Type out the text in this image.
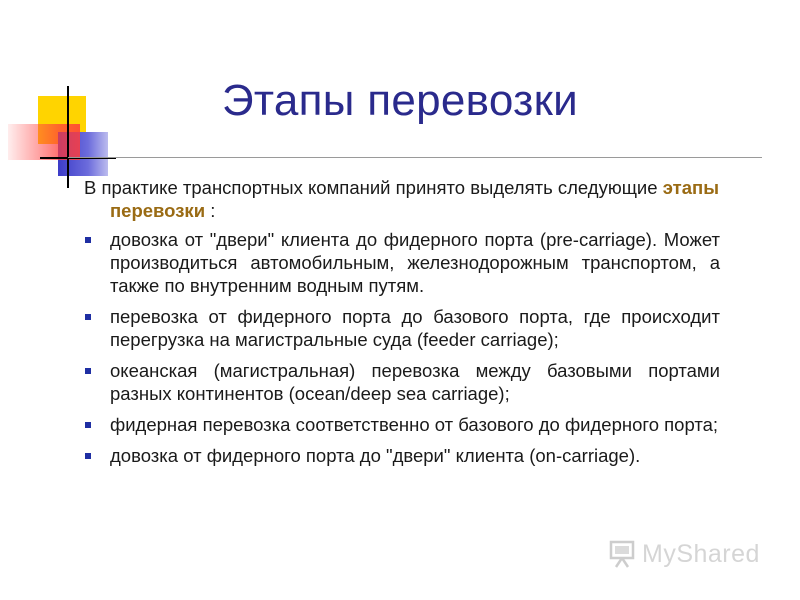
Этапы перевозки

В практике транспортных компаний принято выделять следующие этапы перевозки :

довозка от "двери" клиента до фидерного порта (pre-carriage). Может производиться автомобильным, железнодорожным транспортом, а также по внутренним водным путям.
перевозка от фидерного порта до базового порта, где происходит перегрузка на магистральные суда (feeder carriage);
океанская (магистральная) перевозка между базовыми портами разных континентов (ocean/deep sea carriage);
фидерная перевозка соответственно от базового до фидерного порта;
довозка от фидерного порта до "двери" клиента (on-carriage).
MyShared
